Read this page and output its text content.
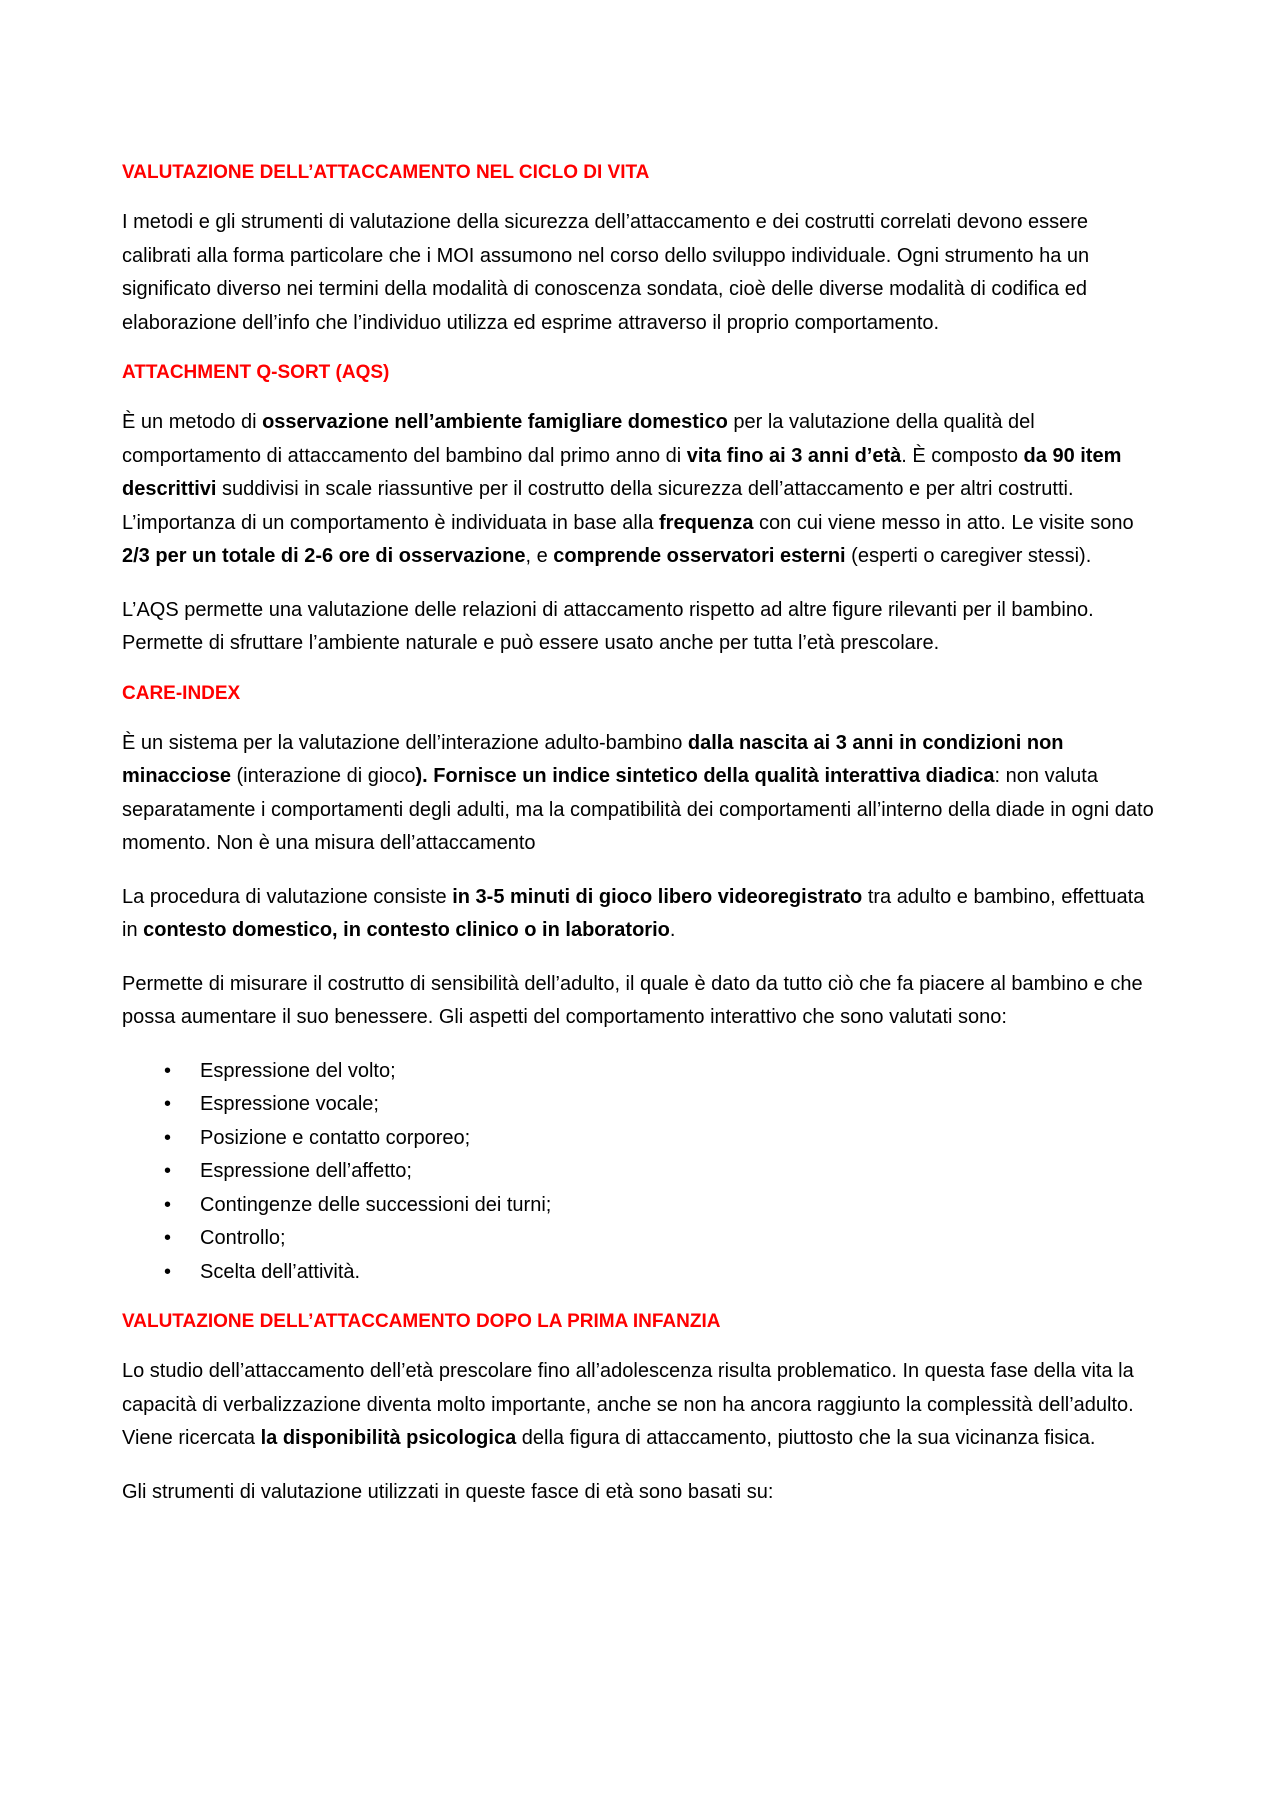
VALUTAZIONE DELL’ATTACCAMENTO NEL CICLO DI VITA

I metodi e gli strumenti di valutazione della sicurezza dell’attaccamento e dei costrutti correlati devono essere calibrati alla forma particolare che i MOI assumono nel corso dello sviluppo individuale. Ogni strumento ha un significato diverso nei termini della modalità di conoscenza sondata, cioè delle diverse modalità di codifica ed elaborazione dell’info che l’individuo utilizza ed esprime attraverso il proprio comportamento.

ATTACHMENT Q-SORT (AQS)

È un metodo di osservazione nell’ambiente famigliare domestico per la valutazione della qualità del comportamento di attaccamento del bambino dal primo anno di vita fino ai 3 anni d’età. È composto da 90 item descrittivi suddivisi in scale riassuntive per il costrutto della sicurezza dell’attaccamento e per altri costrutti. L’importanza di un comportamento è individuata in base alla frequenza con cui viene messo in atto. Le visite sono 2/3 per un totale di 2-6 ore di osservazione, e comprende osservatori esterni (esperti o caregiver stessi).

L’AQS permette una valutazione delle relazioni di attaccamento rispetto ad altre figure rilevanti per il bambino. Permette di sfruttare l’ambiente naturale e può essere usato anche per tutta l’età prescolare.

CARE-INDEX

È un sistema per la valutazione dell’interazione adulto-bambino dalla nascita ai 3 anni in condizioni non minacciose (interazione di gioco). Fornisce un indice sintetico della qualità interattiva diadica: non valuta separatamente i comportamenti degli adulti, ma la compatibilità dei comportamenti all’interno della diade in ogni dato momento. Non è una misura dell’attaccamento

La procedura di valutazione consiste in 3-5 minuti di gioco libero videoregistrato tra adulto e bambino, effettuata in contesto domestico, in contesto clinico o in laboratorio.

Permette di misurare il costrutto di sensibilità dell’adulto, il quale è dato da tutto ciò che fa piacere al bambino e che possa aumentare il suo benessere. Gli aspetti del comportamento interattivo che sono valutati sono:

• Espressione del volto;
• Espressione vocale;
• Posizione e contatto corporeo;
• Espressione dell’affetto;
• Contingenze delle successioni dei turni;
• Controllo;
• Scelta dell’attività.
VALUTAZIONE DELL’ATTACCAMENTO DOPO LA PRIMA INFANZIA

Lo studio dell’attaccamento dell’età prescolare fino all’adolescenza risulta problematico. In questa fase della vita la capacità di verbalizzazione diventa molto importante, anche se non ha ancora raggiunto la complessità dell’adulto. Viene ricercata la disponibilità psicologica della figura di attaccamento, piuttosto che la sua vicinanza fisica.

Gli strumenti di valutazione utilizzati in queste fasce di età sono basati su:
